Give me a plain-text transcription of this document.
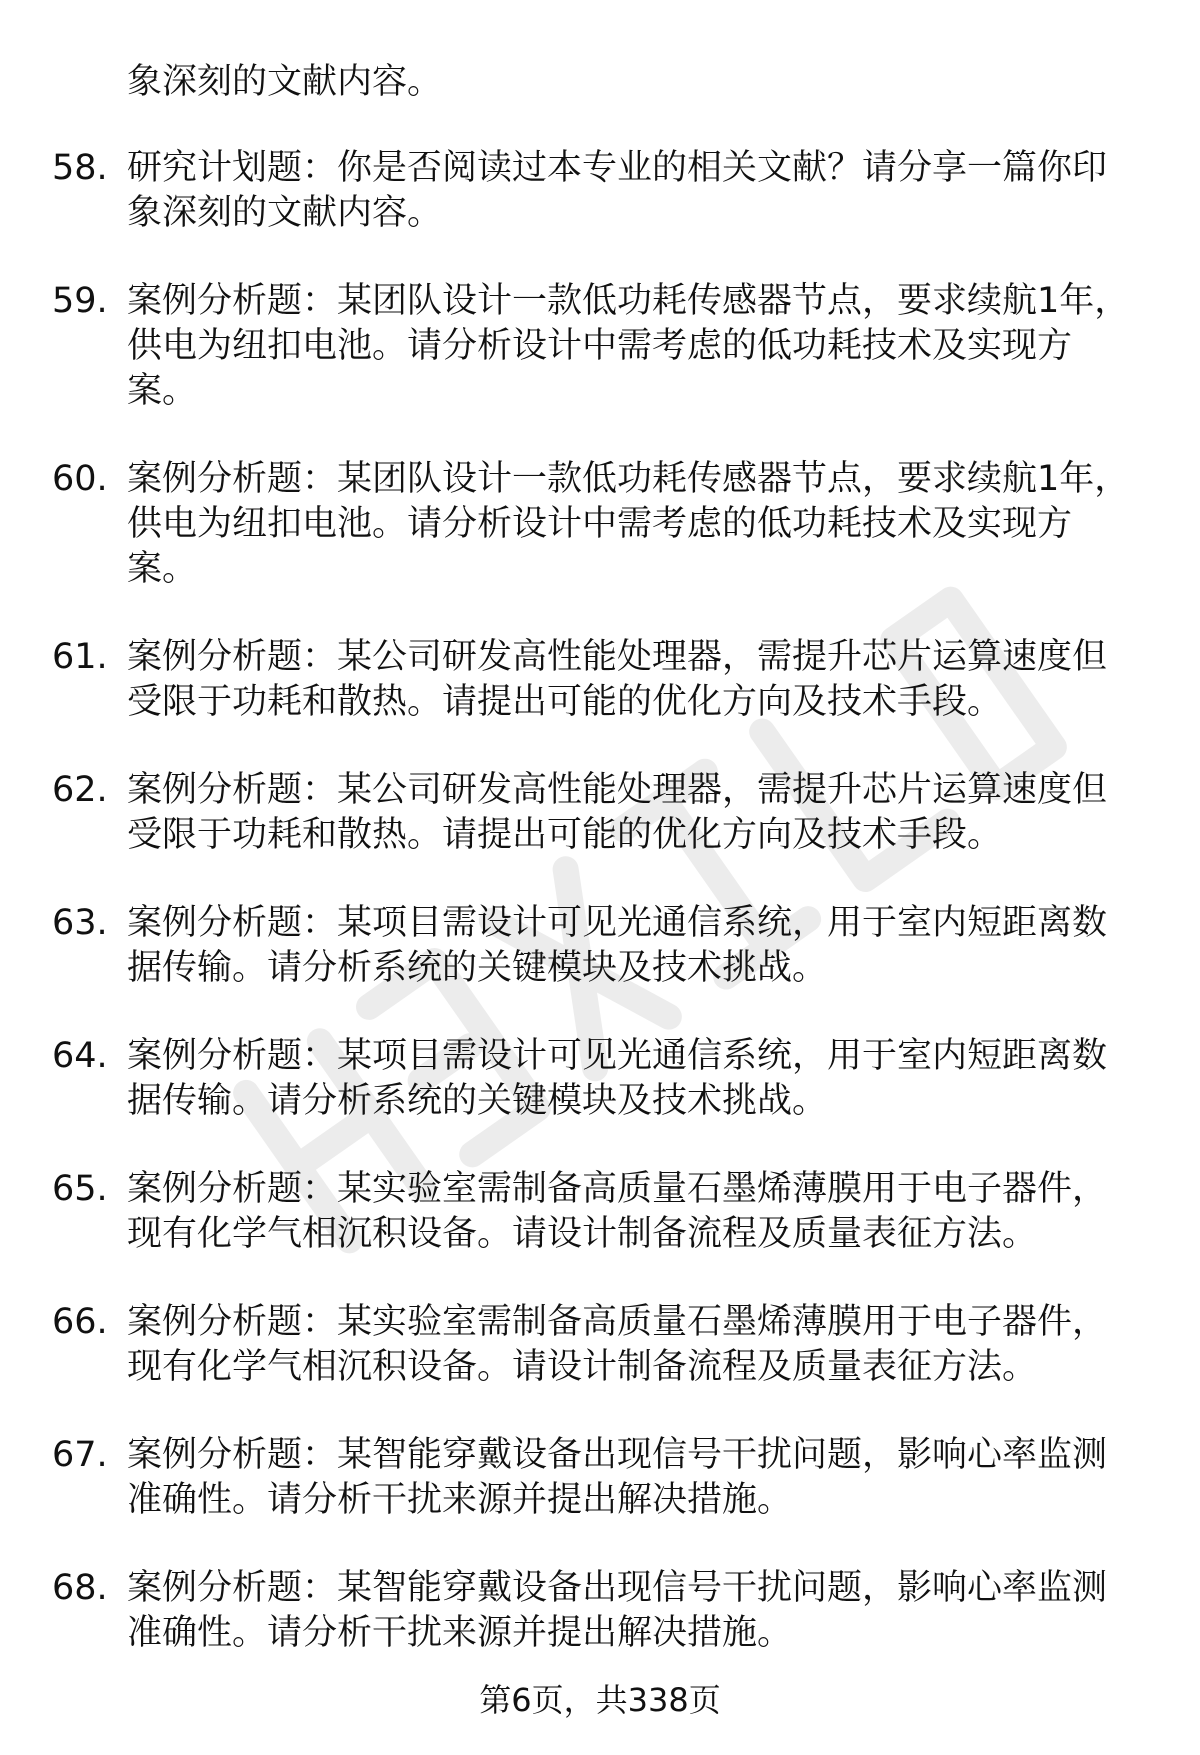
象深刻的文献内容。
58. 研究计划题：你是否阅读过本专业的相关文献？请分享一篇你印象深刻的文献内容。
59. 案例分析题：某团队设计一款低功耗传感器节点，要求续航1年，供电为纽扣电池。请分析设计中需考虑的低功耗技术及实现方案。
60. 案例分析题：某团队设计一款低功耗传感器节点，要求续航1年，供电为纽扣电池。请分析设计中需考虑的低功耗技术及实现方案。
61. 案例分析题：某公司研发高性能处理器，需提升芯片运算速度但受限于功耗和散热。请提出可能的优化方向及技术手段。
62. 案例分析题：某公司研发高性能处理器，需提升芯片运算速度但受限于功耗和散热。请提出可能的优化方向及技术手段。
63. 案例分析题：某项目需设计可见光通信系统，用于室内短距离数据传输。请分析系统的关键模块及技术挑战。
64. 案例分析题：某项目需设计可见光通信系统，用于室内短距离数据传输。请分析系统的关键模块及技术挑战。
65. 案例分析题：某实验室需制备高质量石墨烯薄膜用于电子器件，现有化学气相沉积设备。请设计制备流程及质量表征方法。
66. 案例分析题：某实验室需制备高质量石墨烯薄膜用于电子器件，现有化学气相沉积设备。请设计制备流程及质量表征方法。
67. 案例分析题：某智能穿戴设备出现信号干扰问题，影响心率监测准确性。请分析干扰来源并提出解决措施。
68. 案例分析题：某智能穿戴设备出现信号干扰问题，影响心率监测准确性。请分析干扰来源并提出解决措施。
第6页，共338页
